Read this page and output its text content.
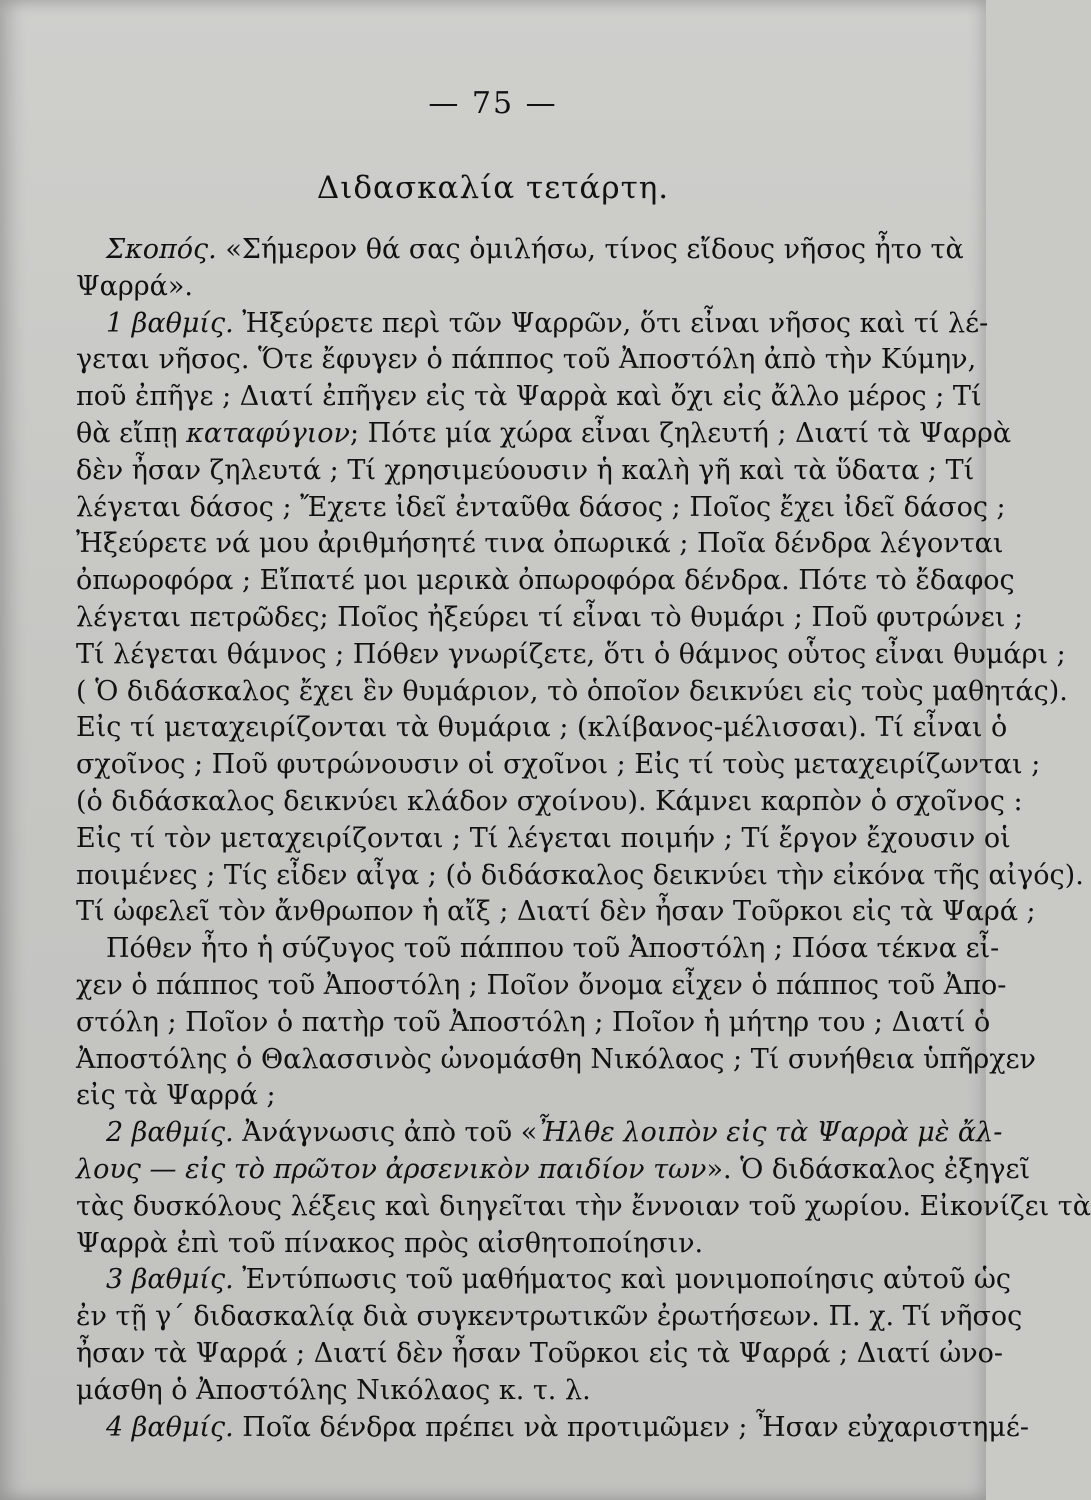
— 75 —
Διδασκαλία τετάρτη.
Σκοπός. «Σήμερον θά σας ὁμιλήσω, τίνος εἴδους νῆσος ἦτο τὰ
Ψαρρά».
1 βαθμίς. Ἠξεύρετε περὶ τῶν Ψαρρῶν, ὅτι εἶναι νῆσος καὶ τί λέ-
γεται νῆσος. Ὅτε ἔφυγεν ὁ πάππος τοῦ Ἀποστόλη ἀπὸ τὴν Κύμην,
ποῦ ἐπῆγε ; Διατί ἐπῆγεν εἰς τὰ Ψαρρὰ καὶ ὄχι εἰς ἄλλο μέρος ; Τί
θὰ εἴπῃ καταφύγιον; Πότε μία χώρα εἶναι ζηλευτή ; Διατί τὰ Ψαρρὰ
δὲν ἦσαν ζηλευτά ; Τί χρησιμεύουσιν ἡ καλὴ γῆ καὶ τὰ ὕδατα ; Τί
λέγεται δάσος ; Ἔχετε ἰδεῖ ἐνταῦθα δάσος ; Ποῖος ἔχει ἰδεῖ δάσος ;
Ἠξεύρετε νά μου ἀριθμήσητέ τινα ὀπωρικά ; Ποῖα δένδρα λέγονται
ὀπωροφόρα ; Εἴπατέ μοι μερικὰ ὀπωροφόρα δένδρα. Πότε τὸ ἔδαφος
λέγεται πετρῶδες; Ποῖος ἠξεύρει τί εἶναι τὸ θυμάρι ; Ποῦ φυτρώνει ;
Τί λέγεται θάμνος ; Πόθεν γνωρίζετε, ὅτι ὁ θάμνος οὗτος εἶναι θυμάρι ;
( Ὁ διδάσκαλος ἔχει ἓν θυμάριον, τὸ ὁποῖον δεικνύει εἰς τοὺς μαθητάς).
Εἰς τί μεταχειρίζονται τὰ θυμάρια ; (κλίβανος-μέλισσαι). Τί εἶναι ὁ
σχοῖνος ; Ποῦ φυτρώνουσιν οἱ σχοῖνοι ; Εἰς τί τοὺς μεταχειρίζωνται ;
(ὁ διδάσκαλος δεικνύει κλάδον σχοίνου). Κάμνει καρπὸν ὁ σχοῖνος :
Εἰς τί τὸν μεταχειρίζονται ; Τί λέγεται ποιμήν ; Τί ἔργον ἔχουσιν οἱ
ποιμένες ; Τίς εἶδεν αἶγα ; (ὁ διδάσκαλος δεικνύει τὴν εἰκόνα τῆς αἰγός).
Τί ὠφελεῖ τὸν ἄνθρωπον ἡ αἴξ ; Διατί δὲν ἦσαν Τοῦρκοι εἰς τὰ Ψαρά ;
Πόθεν ἦτο ἡ σύζυγος τοῦ πάππου τοῦ Ἀποστόλη ; Πόσα τέκνα εἶ-
χεν ὁ πάππος τοῦ Ἀποστόλη ; Ποῖον ὄνομα εἶχεν ὁ πάππος τοῦ Ἀπο-
στόλη ; Ποῖον ὁ πατὴρ τοῦ Ἀποστόλη ; Ποῖον ἡ μήτηρ του ; Διατί ὁ
Ἀποστόλης ὁ Θαλασσινὸς ὠνομάσθη Νικόλαος ; Τί συνήθεια ὑπῆρχεν
εἰς τὰ Ψαρρά ;
2 βαθμίς. Ἀνάγνωσις ἀπὸ τοῦ «Ἦλθε λοιπὸν εἰς τὰ Ψαρρὰ μὲ ἄλ-
λους — εἰς τὸ πρῶτον ἀρσενικὸν παιδίον των». Ὁ διδάσκαλος ἐξηγεῖ
τὰς δυσκόλους λέξεις καὶ διηγεῖται τὴν ἔννοιαν τοῦ χωρίου. Εἰκονίζει τὰ
Ψαρρὰ ἐπὶ τοῦ πίνακος πρὸς αἰσθητοποίησιν.
3 βαθμίς. Ἐντύπωσις τοῦ μαθήματος καὶ μονιμοποίησις αὐτοῦ ὡς
ἐν τῇ γ΄ διδασκαλίᾳ διὰ συγκεντρωτικῶν ἐρωτήσεων. Π. χ. Τί νῆσος
ἦσαν τὰ Ψαρρά ; Διατί δὲν ἦσαν Τοῦρκοι εἰς τὰ Ψαρρά ; Διατί ὠνο-
μάσθη ὁ Ἀποστόλης Νικόλαος κ. τ. λ.
4 βαθμίς. Ποῖα δένδρα πρέπει νὰ προτιμῶμεν ; Ἦσαν εὐχαριστημέ-
